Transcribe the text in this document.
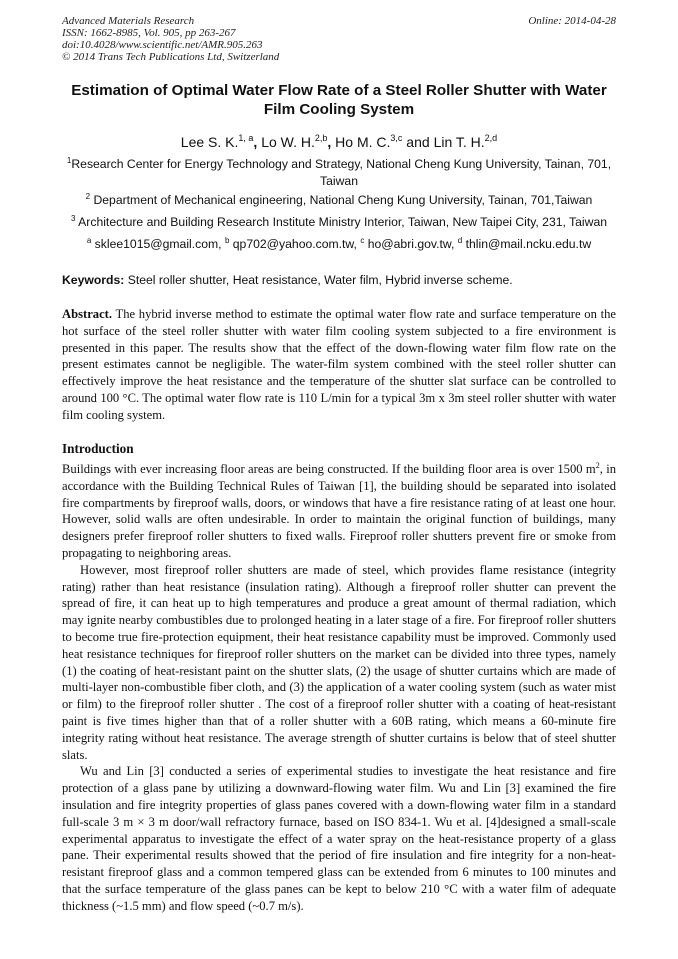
Advanced Materials Research
ISSN: 1662-8985, Vol. 905, pp 263-267
doi:10.4028/www.scientific.net/AMR.905.263
© 2014 Trans Tech Publications Ltd, Switzerland
Online: 2014-04-28
Estimation of Optimal Water Flow Rate of a Steel Roller Shutter with Water Film Cooling System
Lee S. K.$^{1, a}$, Lo W. H.$^{2,b}$, Ho M. C.$^{3,c}$ and Lin T. H.$^{2,d}$
$^1$Research Center for Energy Technology and Strategy, National Cheng Kung University, Tainan, 701, Taiwan
$^2$ Department of Mechanical engineering, National Cheng Kung University, Tainan, 701,Taiwan
$^3$ Architecture and Building Research Institute Ministry Interior, Taiwan, New Taipei City, 231, Taiwan
$^a$ sklee1015@gmail.com, $^b$ qp702@yahoo.com.tw, $^c$ ho@abri.gov.tw, $^d$ thlin@mail.ncku.edu.tw
Keywords: Steel roller shutter, Heat resistance, Water film, Hybrid inverse scheme.
Abstract. The hybrid inverse method to estimate the optimal water flow rate and surface temperature on the hot surface of the steel roller shutter with water film cooling system subjected to a fire environment is presented in this paper. The results show that the effect of the down-flowing water film flow rate on the present estimates cannot be negligible. The water-film system combined with the steel roller shutter can effectively improve the heat resistance and the temperature of the shutter slat surface can be controlled to around 100 °C. The optimal water flow rate is 110 L/min for a typical 3m x 3m steel roller shutter with water film cooling system.
Introduction

Buildings with ever increasing floor areas are being constructed. If the building floor area is over 1500 $m^2$, in accordance with the Building Technical Rules of Taiwan [1], the building should be separated into isolated fire compartments by fireproof walls, doors, or windows that have a fire resistance rating of at least one hour. However, solid walls are often undesirable. In order to maintain the original function of buildings, many designers prefer fireproof roller shutters to fixed walls. Fireproof roller shutters prevent fire or smoke from propagating to neighboring areas.

However, most fireproof roller shutters are made of steel, which provides flame resistance (integrity rating) rather than heat resistance (insulation rating). Although a fireproof roller shutter can prevent the spread of fire, it can heat up to high temperatures and produce a great amount of thermal radiation, which may ignite nearby combustibles due to prolonged heating in a later stage of a fire. For fireproof roller shutters to become true fire-protection equipment, their heat resistance capability must be improved. Commonly used heat resistance techniques for fireproof roller shutters on the market can be divided into three types, namely (1) the coating of heat-resistant paint on the shutter slats, (2) the usage of shutter curtains which are made of multi-layer non-combustible fiber cloth, and (3) the application of a water cooling system (such as water mist or film) to the fireproof roller shutter . The cost of a fireproof roller shutter with a coating of heat-resistant paint is five times higher than that of a roller shutter with a 60B rating, which means a 60-minute fire integrity rating without heat resistance. The average strength of shutter curtains is below that of steel shutter slats.

Wu and Lin [3] conducted a series of experimental studies to investigate the heat resistance and fire protection of a glass pane by utilizing a downward-flowing water film. Wu and Lin [3] examined the fire insulation and fire integrity properties of glass panes covered with a down-flowing water film in a standard full-scale 3 m × 3 m door/wall refractory furnace, based on ISO 834-1. Wu et al. [4]designed a small-scale experimental apparatus to investigate the effect of a water spray on the heat-resistance property of a glass pane. Their experimental results showed that the period of fire insulation and fire integrity for a non-heat-resistant fireproof glass and a common tempered glass can be extended from 6 minutes to 100 minutes and that the surface temperature of the glass panes can be kept to below 210 °C with a water film of adequate thickness (~1.5 mm) and flow speed (~0.7 m/s).
